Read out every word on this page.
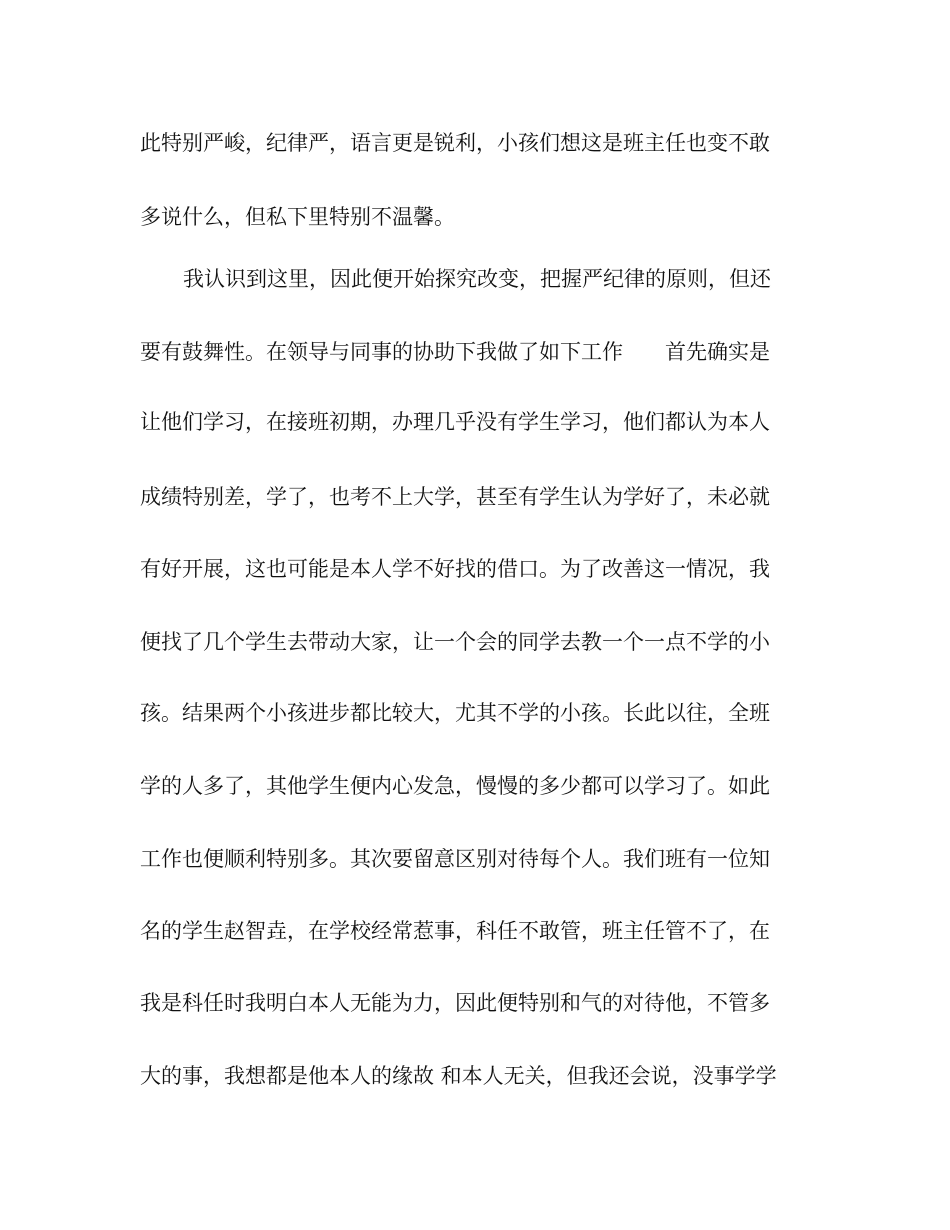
此特别严峻，纪律严，语言更是锐利，小孩们想这是班主任也变不敢
多说什么，但私下里特别不温馨。
我认识到这里，因此便开始探究改变，把握严纪律的原则，但还
要有鼓舞性。在领导与同事的协助下我做了如下工作　　首先确实是
让他们学习，在接班初期，办理几乎没有学生学习，他们都认为本人
成绩特别差，学了，也考不上大学，甚至有学生认为学好了，未必就
有好开展，这也可能是本人学不好找的借口。为了改善这一情况，我
便找了几个学生去带动大家，让一个会的同学去教一个一点不学的小
孩。结果两个小孩进步都比较大，尤其不学的小孩。长此以往，全班
学的人多了，其他学生便内心发急，慢慢的多少都可以学习了。如此
工作也便顺利特别多。其次要留意区别对待每个人。我们班有一位知
名的学生赵智垚，在学校经常惹事，科任不敢管，班主任管不了，在
我是科任时我明白本人无能为力，因此便特别和气的对待他，不管多
大的事，我想都是他本人的缘故 和本人无关，但我还会说，没事学学
